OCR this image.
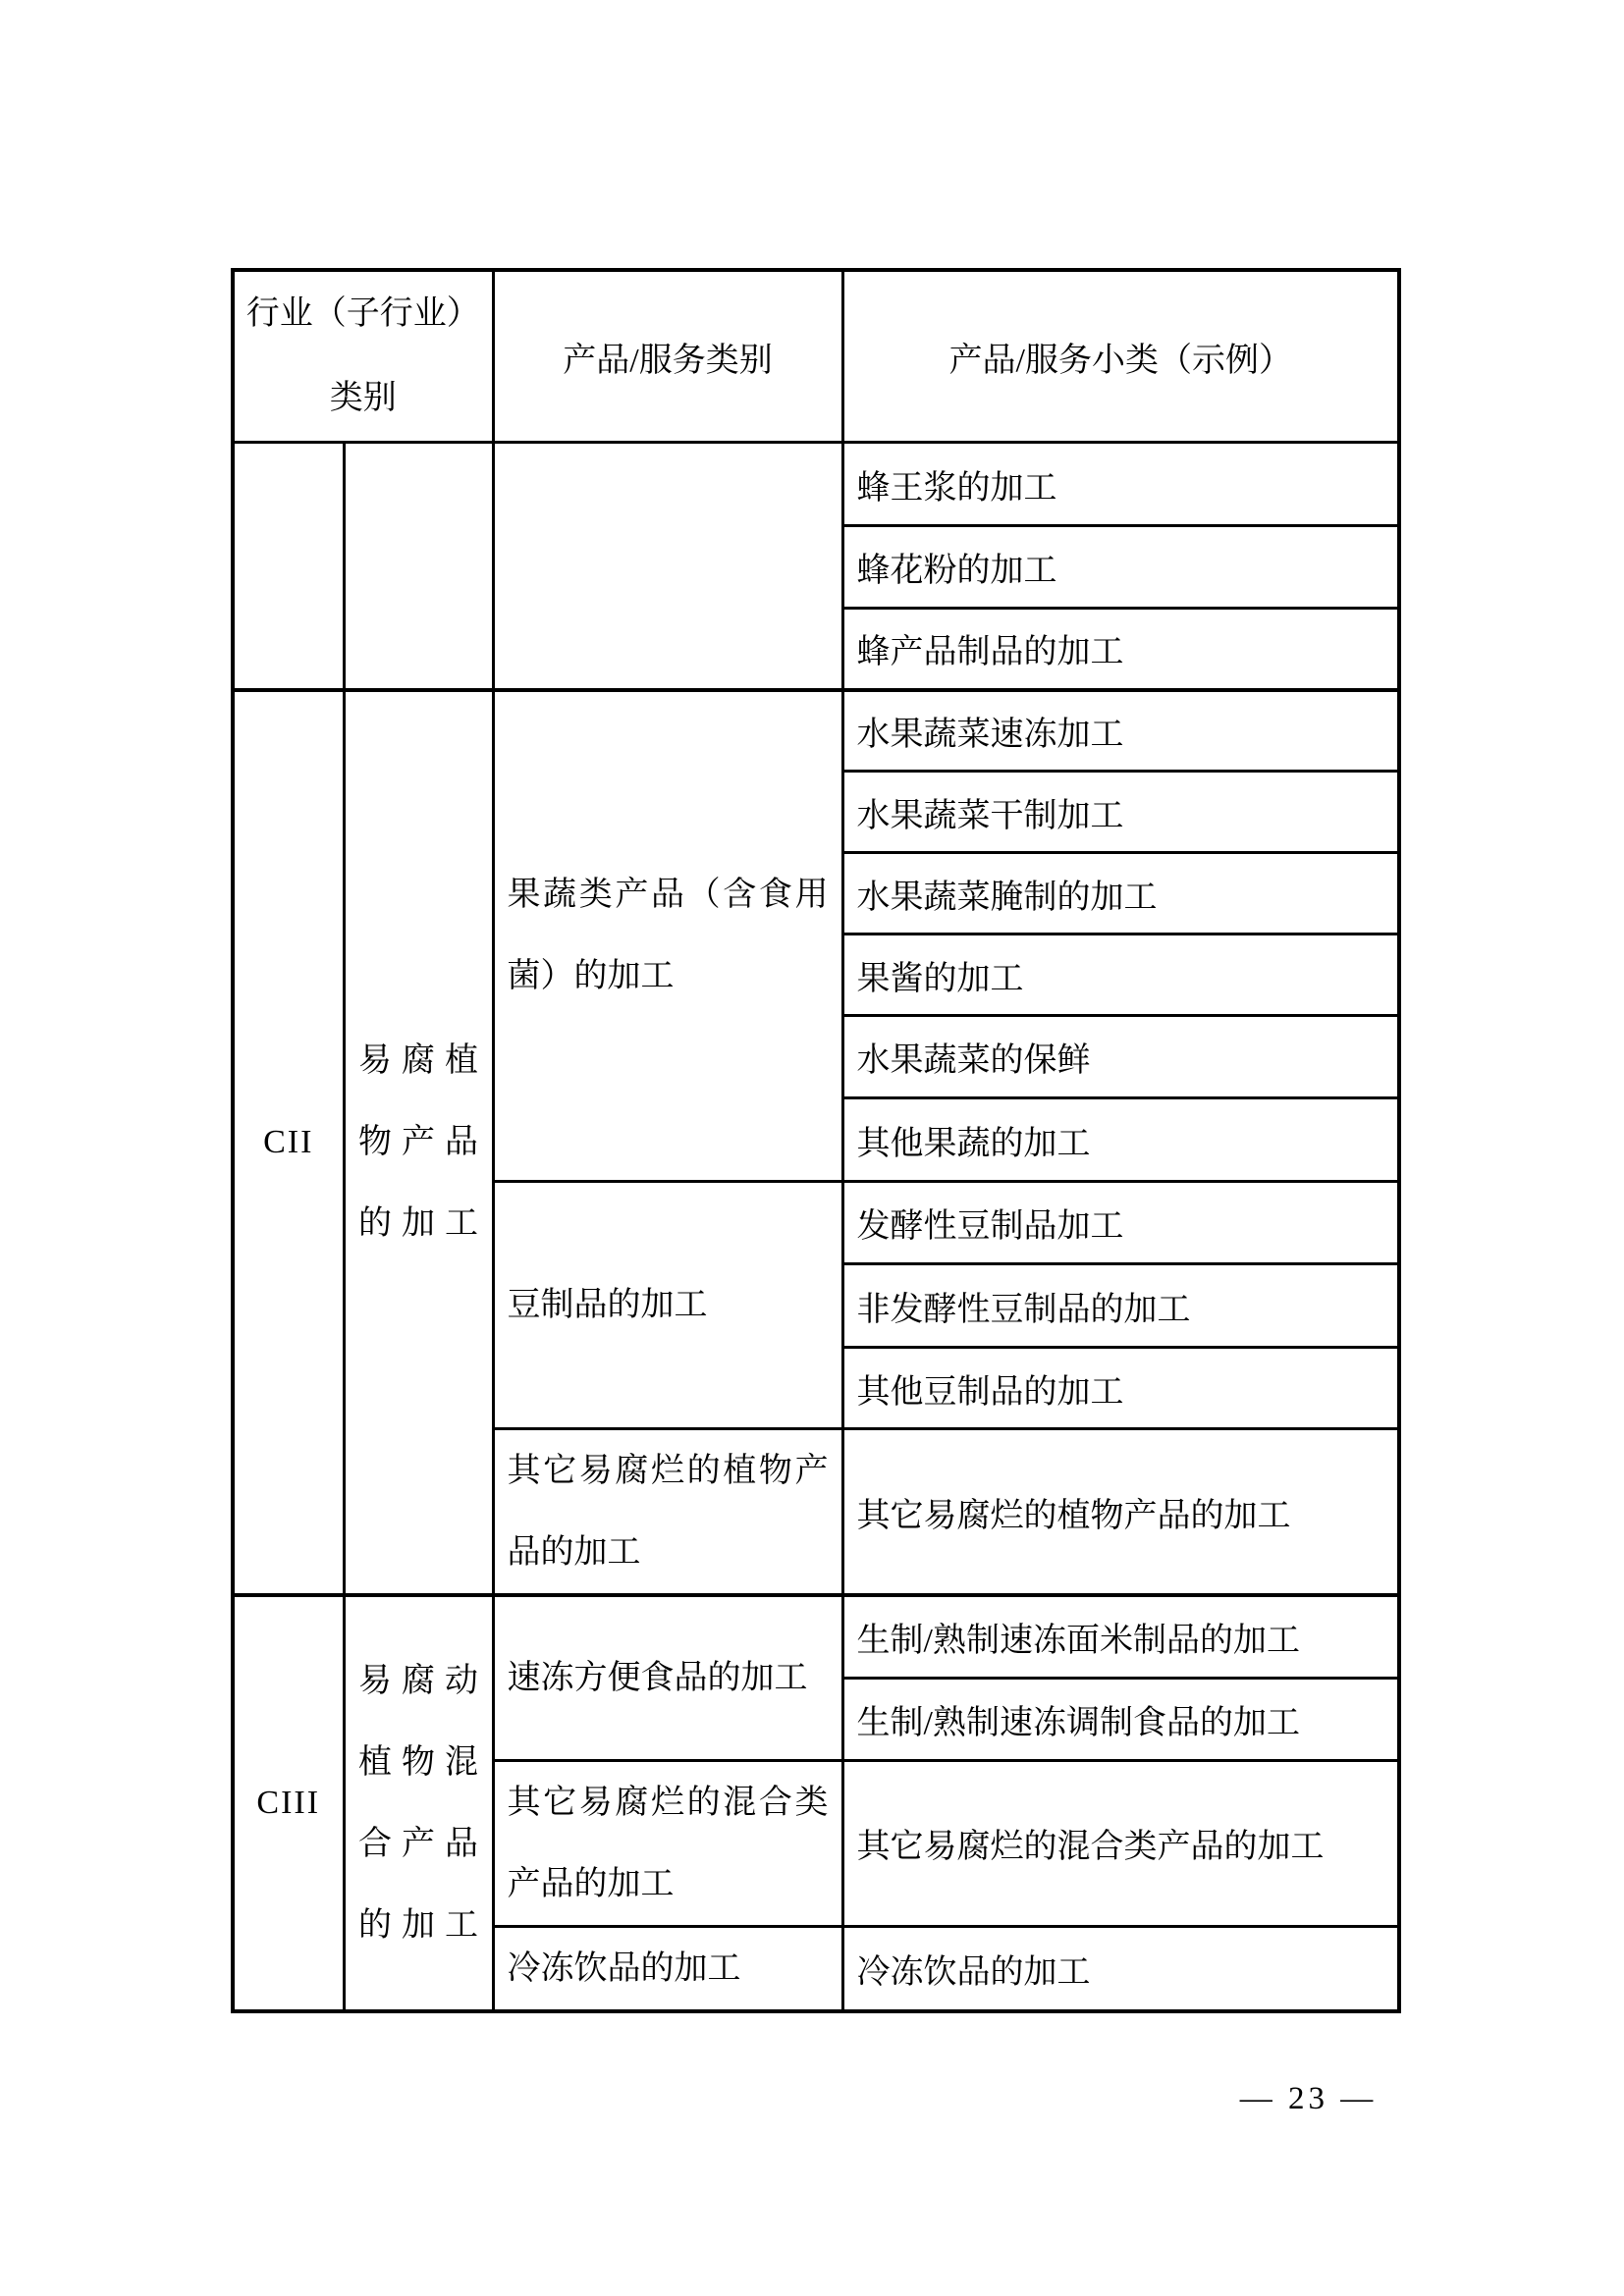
行业（子行业）
类别		产品/服务类别	产品/服务小类（示例）
			蜂王浆的加工
			蜂花粉的加工
			蜂产品制品的加工
CII	易腐植物产品的加工	果蔬类产品（含食用菌）的加工	水果蔬菜速冻加工
			水果蔬菜干制加工
			水果蔬菜腌制的加工
			果酱的加工
			水果蔬菜的保鲜
			其他果蔬的加工
		豆制品的加工	发酵性豆制品加工
			非发酵性豆制品的加工
			其他豆制品的加工
		其它易腐烂的植物产品的加工	其它易腐烂的植物产品的加工
CIII	易腐动植物混合产品的加工	速冻方便食品的加工	生制/熟制速冻面米制品的加工
			生制/熟制速冻调制食品的加工
		其它易腐烂的混合类产品的加工	其它易腐烂的混合类产品的加工
		冷冻饮品的加工	冷冻饮品的加工
— 23 —
